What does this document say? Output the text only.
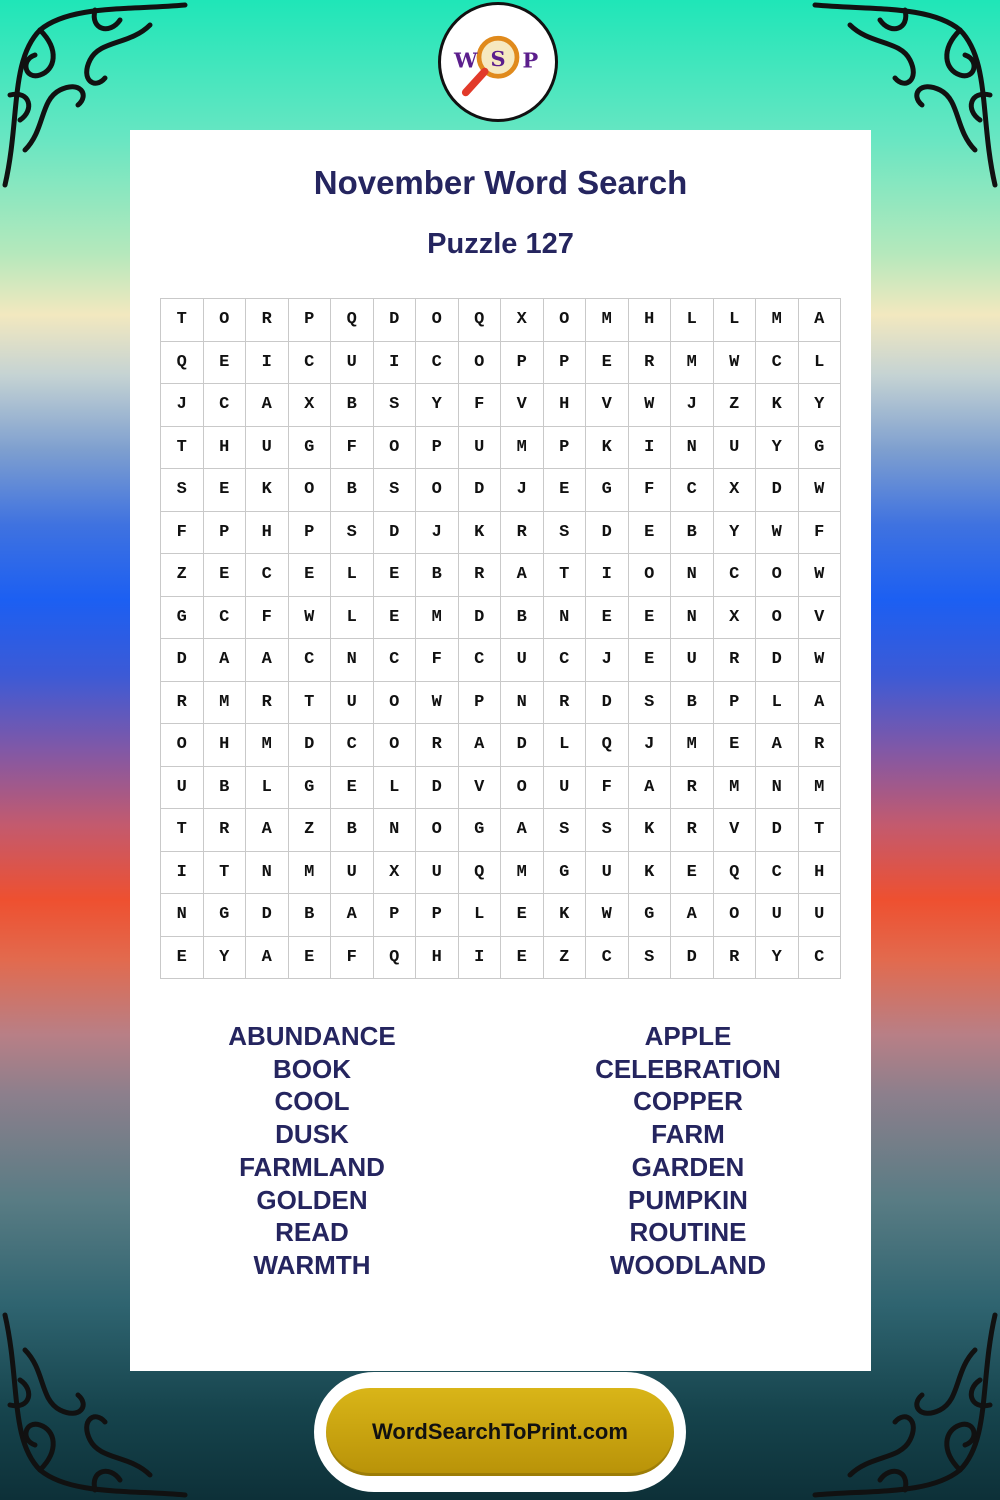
W S P
November Word Search
Puzzle 127
T	O	R	P	Q	D	O	Q	X	O	M	H	L	L	M	A
Q	E	I	C	U	I	C	O	P	P	E	R	M	W	C	L
J	C	A	X	B	S	Y	F	V	H	V	W	J	Z	K	Y
T	H	U	G	F	O	P	U	M	P	K	I	N	U	Y	G
S	E	K	O	B	S	O	D	J	E	G	F	C	X	D	W
F	P	H	P	S	D	J	K	R	S	D	E	B	Y	W	F
Z	E	C	E	L	E	B	R	A	T	I	O	N	C	O	W
G	C	F	W	L	E	M	D	B	N	E	E	N	X	O	V
D	A	A	C	N	C	F	C	U	C	J	E	U	R	D	W
R	M	R	T	U	O	W	P	N	R	D	S	B	P	L	A
O	H	M	D	C	O	R	A	D	L	Q	J	M	E	A	R
U	B	L	G	E	L	D	V	O	U	F	A	R	M	N	M
T	R	A	Z	B	N	O	G	A	S	S	K	R	V	D	T
I	T	N	M	U	X	U	Q	M	G	U	K	E	Q	C	H
N	G	D	B	A	P	P	L	E	K	W	G	A	O	U	U
E	Y	A	E	F	Q	H	I	E	Z	C	S	D	R	Y	C
ABUNDANCE
BOOK
COOL
DUSK
FARMLAND
GOLDEN
READ
WARMTH
APPLE
CELEBRATION
COPPER
FARM
GARDEN
PUMPKIN
ROUTINE
WOODLAND
WordSearchToPrint.com
